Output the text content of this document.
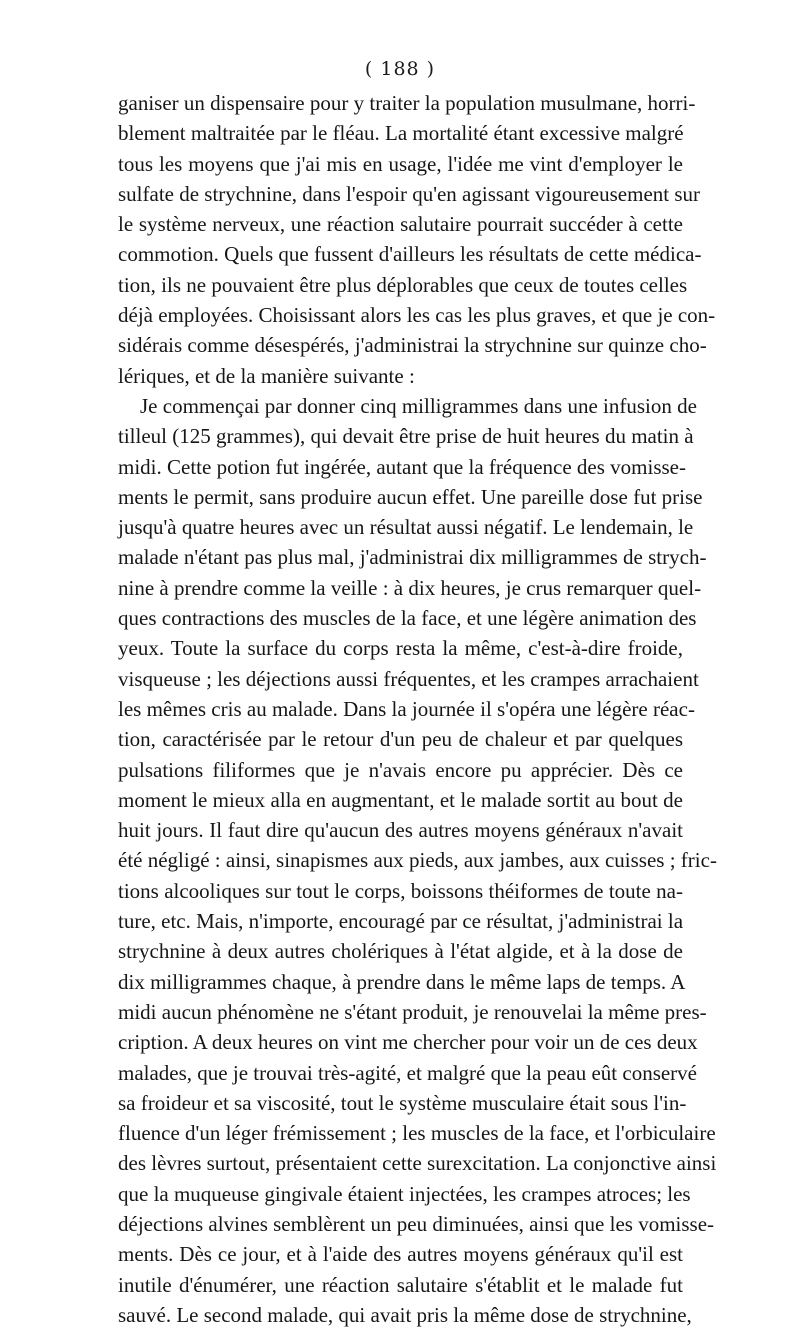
( 188 )
ganiser un dispensaire pour y traiter la population musulmane, horri-
blement maltraitée par le fléau. La mortalité étant excessive malgré
tous les moyens que j'ai mis en usage, l'idée me vint d'employer le
sulfate de strychnine, dans l'espoir qu'en agissant vigoureusement sur
le système nerveux, une réaction salutaire pourrait succéder à cette
commotion. Quels que fussent d'ailleurs les résultats de cette médica-
tion, ils ne pouvaient être plus déplorables que ceux de toutes celles
déjà employées. Choisissant alors les cas les plus graves, et que je con-
sidérais comme désespérés, j'administrai la strychnine sur quinze cho-
lériques, et de la manière suivante :
Je commençai par donner cinq milligrammes dans une infusion de
tilleul (125 grammes), qui devait être prise de huit heures du matin à
midi. Cette potion fut ingérée, autant que la fréquence des vomisse-
ments le permit, sans produire aucun effet. Une pareille dose fut prise
jusqu'à quatre heures avec un résultat aussi négatif. Le lendemain, le
malade n'étant pas plus mal, j'administrai dix milligrammes de strych-
nine à prendre comme la veille : à dix heures, je crus remarquer quel-
ques contractions des muscles de la face, et une légère animation des
yeux. Toute la surface du corps resta la même, c'est-à-dire froide,
visqueuse ; les déjections aussi fréquentes, et les crampes arrachaient
les mêmes cris au malade. Dans la journée il s'opéra une légère réac-
tion, caractérisée par le retour d'un peu de chaleur et par quelques
pulsations filiformes que je n'avais encore pu apprécier. Dès ce
moment le mieux alla en augmentant, et le malade sortit au bout de
huit jours. Il faut dire qu'aucun des autres moyens généraux n'avait
été négligé : ainsi, sinapismes aux pieds, aux jambes, aux cuisses ; fric-
tions alcooliques sur tout le corps, boissons théiformes de toute na-
ture, etc. Mais, n'importe, encouragé par ce résultat, j'administrai la
strychnine à deux autres cholériques à l'état algide, et à la dose de
dix milligrammes chaque, à prendre dans le même laps de temps. A
midi aucun phénomène ne s'étant produit, je renouvelai la même pres-
cription. A deux heures on vint me chercher pour voir un de ces deux
malades, que je trouvai très-agité, et malgré que la peau eût conservé
sa froideur et sa viscosité, tout le système musculaire était sous l'in-
fluence d'un léger frémissement ; les muscles de la face, et l'orbiculaire
des lèvres surtout, présentaient cette surexcitation. La conjonctive ainsi
que la muqueuse gingivale étaient injectées, les crampes atroces; les
déjections alvines semblèrent un peu diminuées, ainsi que les vomisse-
ments. Dès ce jour, et à l'aide des autres moyens généraux qu'il est
inutile d'énumérer, une réaction salutaire s'établit et le malade fut
sauvé. Le second malade, qui avait pris la même dose de strychnine,
